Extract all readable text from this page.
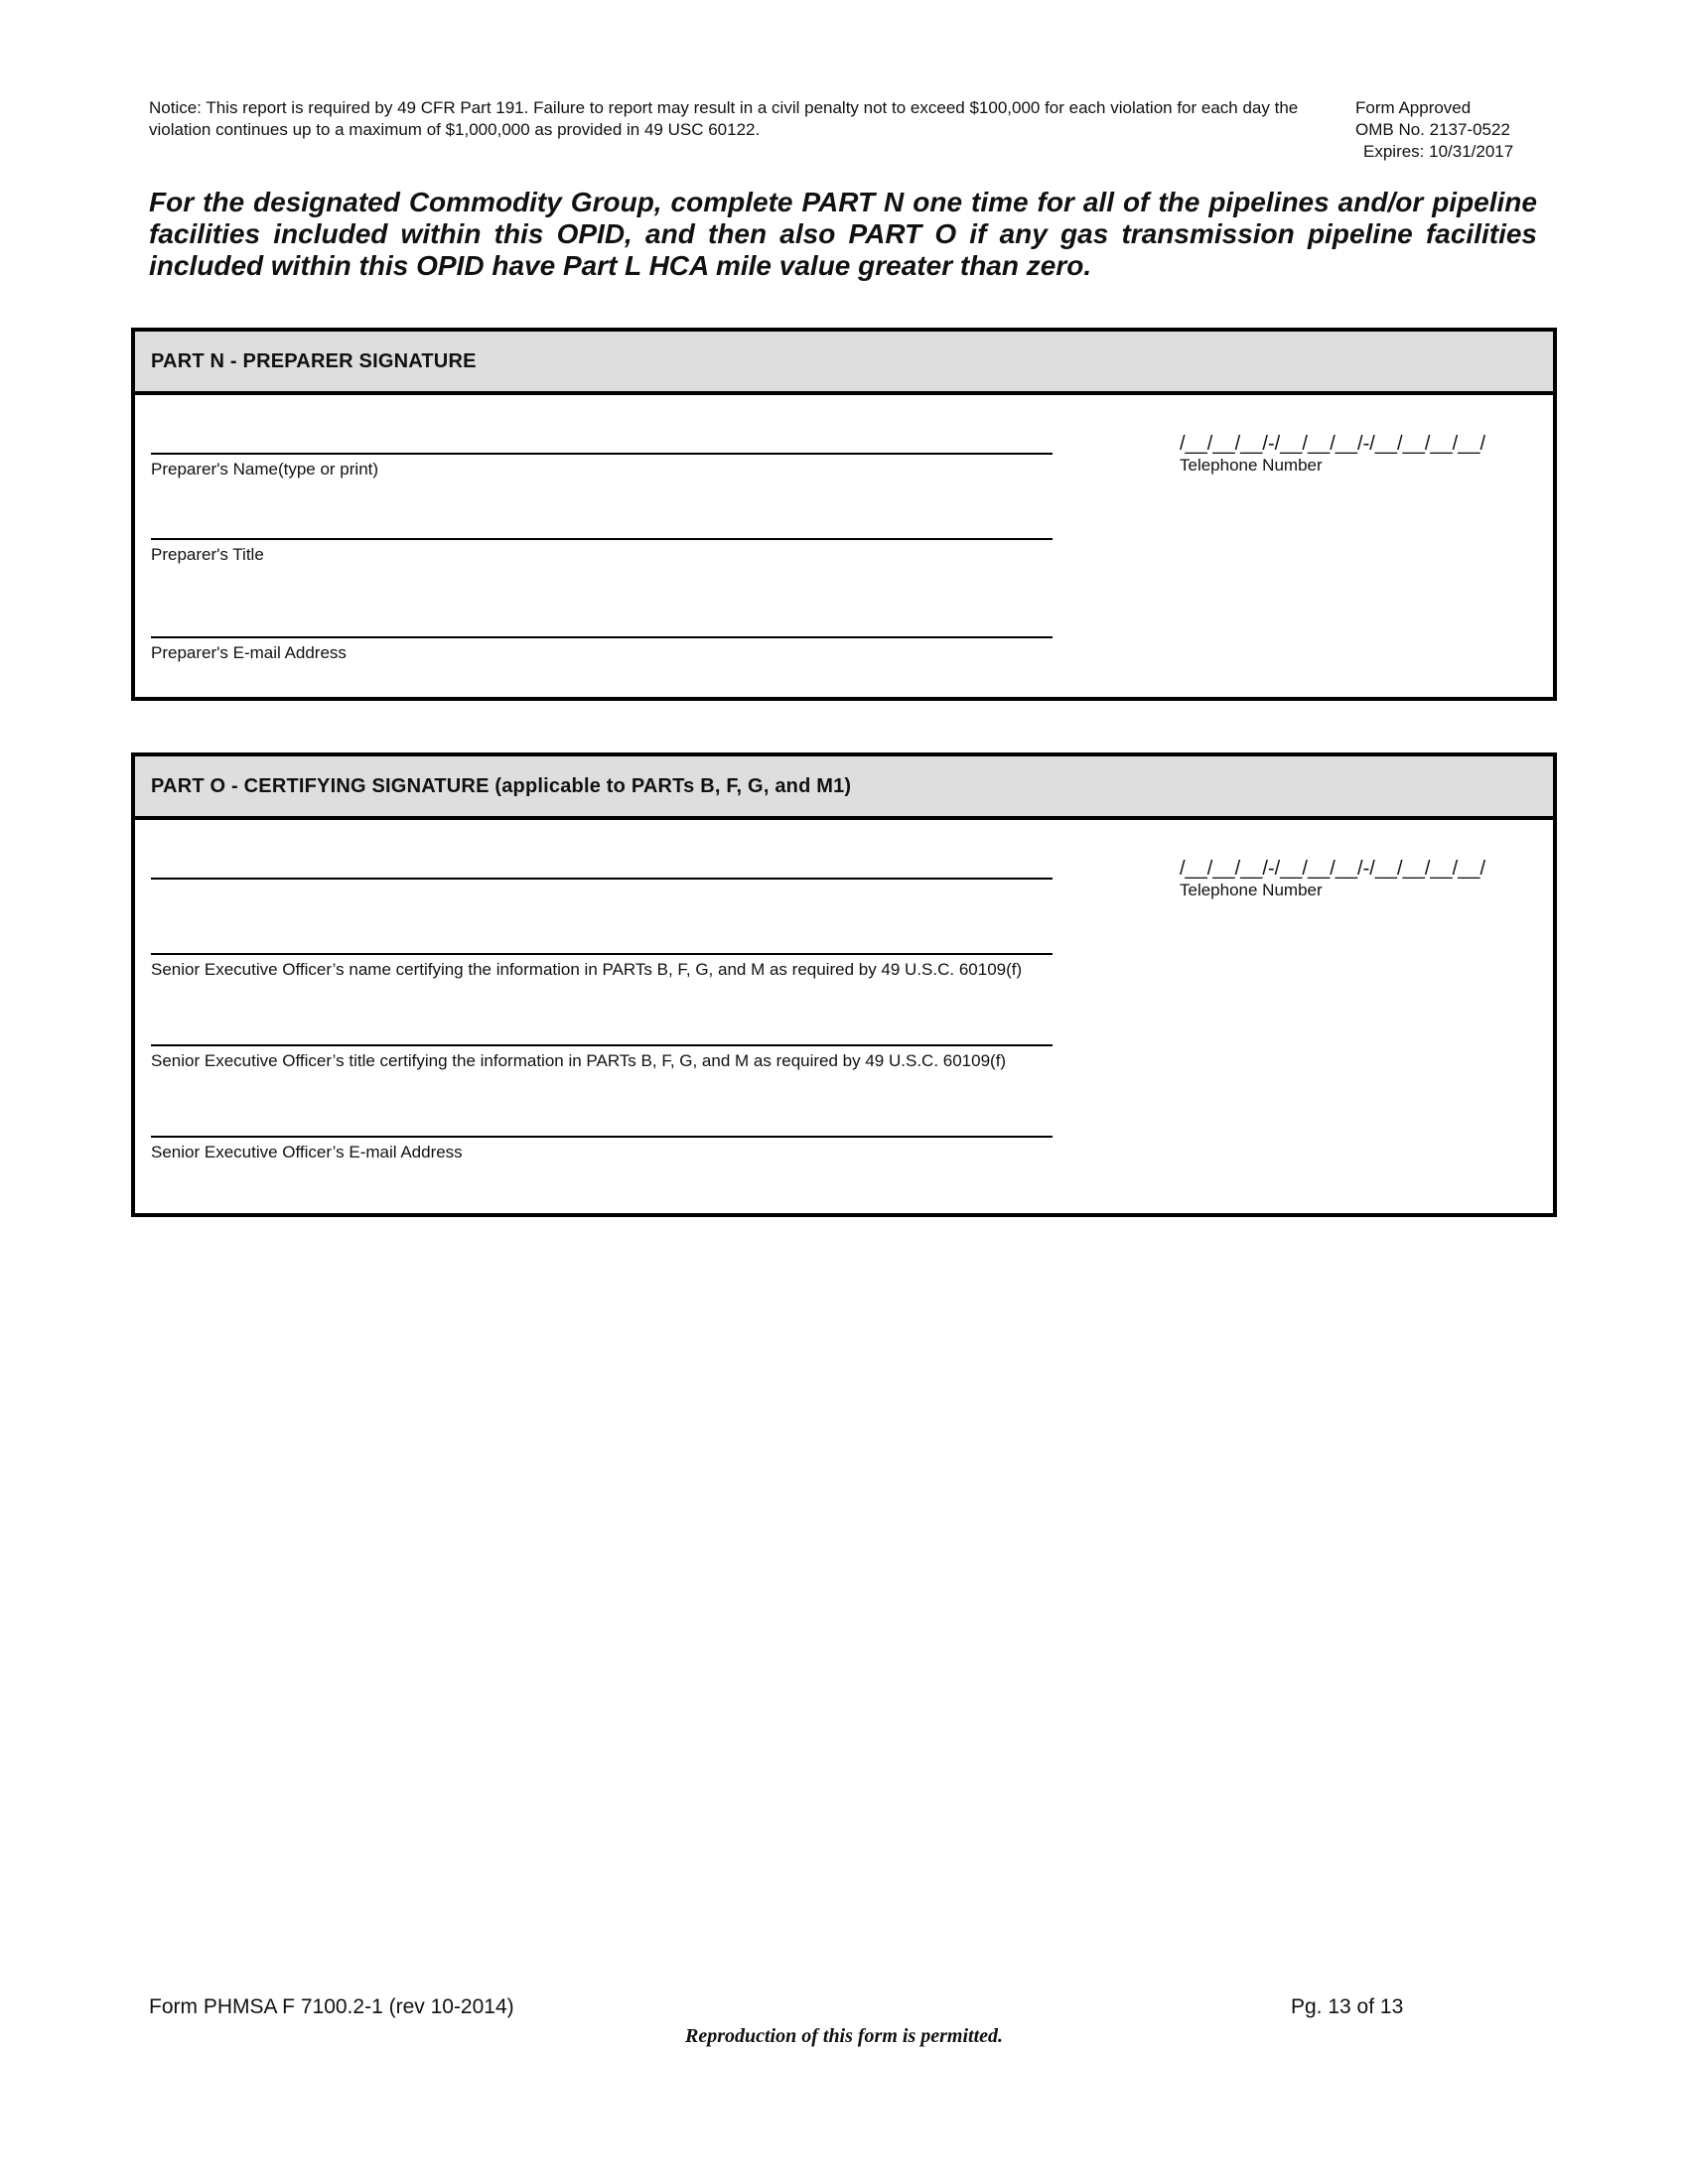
Notice: This report is required by 49 CFR Part 191. Failure to report may result in a civil penalty not to exceed $100,000 for each violation for each day the violation continues up to a maximum of $1,000,000 as provided in 49 USC 60122.
Form Approved
OMB No. 2137-0522
Expires: 10/31/2017
For the designated Commodity Group, complete PART N one time for all of the pipelines and/or pipeline facilities included within this OPID, and then also PART O if any gas transmission pipeline facilities included within this OPID have Part L HCA mile value greater than zero.
PART N - PREPARER SIGNATURE
Preparer's Name(type or print)
Preparer's Title
Preparer's E-mail Address
/__/__/__/-/__/__/__/-/__/__/__/__/
Telephone Number
PART O - CERTIFYING SIGNATURE (applicable to PARTs B, F, G, and M1)
Senior Executive Officer’s name certifying the information in PARTs B, F, G, and M as required by 49 U.S.C. 60109(f)
Senior Executive Officer’s title certifying the information in PARTs B, F, G, and M as required by 49 U.S.C. 60109(f)
Senior Executive Officer’s E-mail Address
/__/__/__/-/__/__/__/-/__/__/__/__/
Telephone Number
Form PHMSA F 7100.2-1 (rev 10-2014)	Pg. 13 of 13
Reproduction of this form is permitted.
